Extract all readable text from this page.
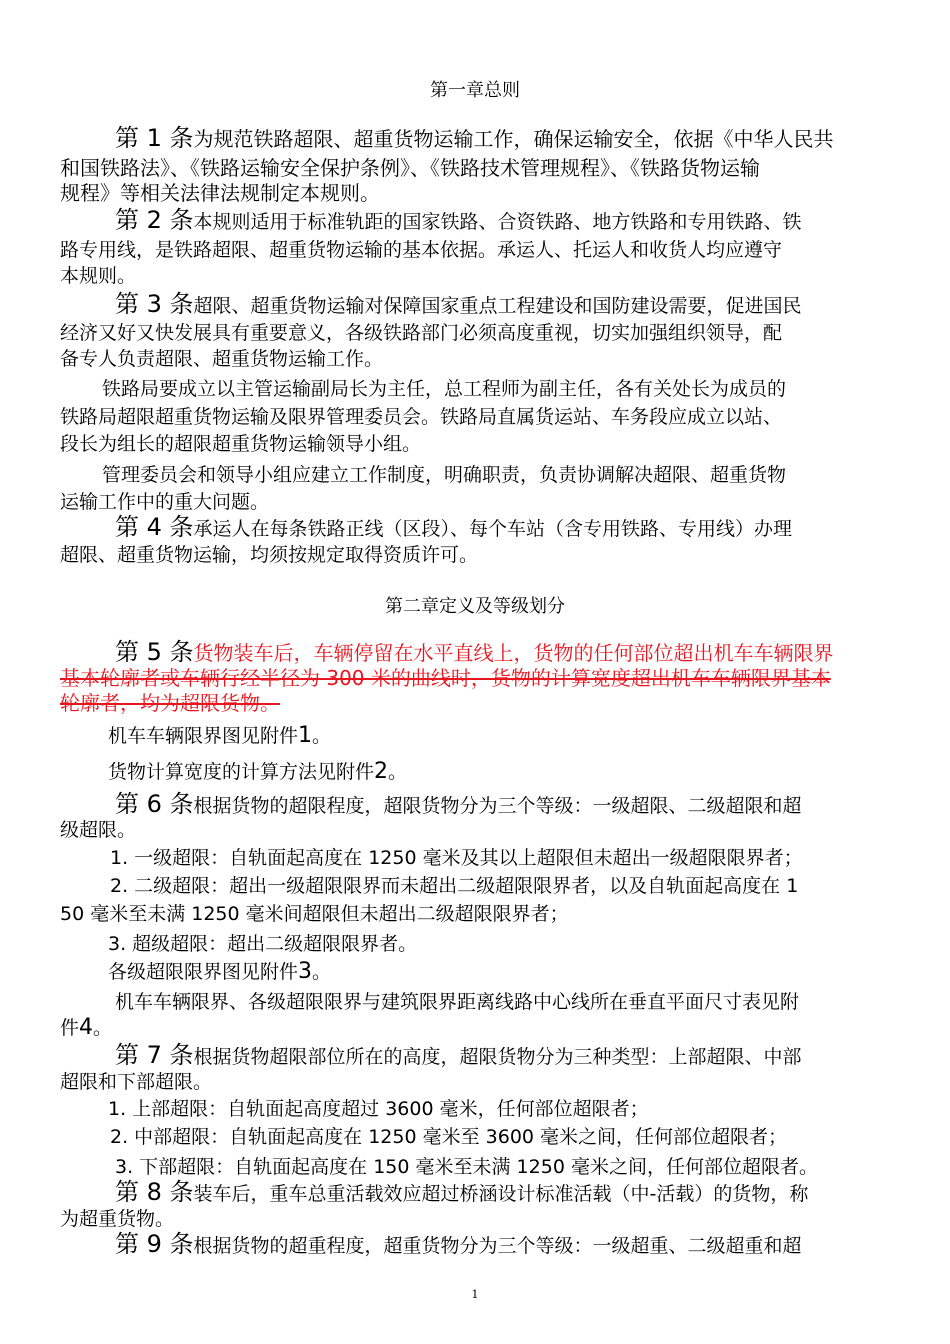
第一章总则
第 1 条为规范铁路超限、超重货物运输工作，确保运输安全，依据《中华人民共
和国铁路法》、《铁路运输安全保护条例》、《铁路技术管理规程》、《铁路货物运输
规程》等相关法律法规制定本规则。
第 2 条本规则适用于标准轨距的国家铁路、合资铁路、地方铁路和专用铁路、铁
路专用线，是铁路超限、超重货物运输的基本依据。承运人、托运人和收货人均应遵守
本规则。
第 3 条超限、超重货物运输对保障国家重点工程建设和国防建设需要，促进国民
经济又好又快发展具有重要意义，各级铁路部门必须高度重视，切实加强组织领导，配
备专人负责超限、超重货物运输工作。
铁路局要成立以主管运输副局长为主任，总工程师为副主任，各有关处长为成员的
铁路局超限超重货物运输及限界管理委员会。铁路局直属货运站、车务段应成立以站、
段长为组长的超限超重货物运输领导小组。
管理委员会和领导小组应建立工作制度，明确职责，负责协调解决超限、超重货物
运输工作中的重大问题。
第 4 条承运人在每条铁路正线（区段）、每个车站（含专用铁路、专用线）办理
超限、超重货物运输，均须按规定取得资质许可。
第二章定义及等级划分
第 5 条货物装车后，车辆停留在水平直线上，货物的任何部位超出机车车辆限界
基本轮廓者或车辆行经半径为 300 米的曲线时，货物的计算宽度超出机车车辆限界基本
轮廓者，均为超限货物。
机车车辆限界图见附件1。
货物计算宽度的计算方法见附件2。
第 6 条根据货物的超限程度，超限货物分为三个等级：一级超限、二级超限和超
级超限。
1. 一级超限：自轨面起高度在 1250 毫米及其以上超限但未超出一级超限限界者；
2. 二级超限：超出一级超限限界而未超出二级超限限界者，以及自轨面起高度在 1
50 毫米至未满 1250 毫米间超限但未超出二级超限限界者；
3. 超级超限：超出二级超限限界者。
各级超限限界图见附件3。
机车车辆限界、各级超限限界与建筑限界距离线路中心线所在垂直平面尺寸表见附
件4。
第 7 条根据货物超限部位所在的高度，超限货物分为三种类型：上部超限、中部
超限和下部超限。
1. 上部超限：自轨面起高度超过 3600 毫米，任何部位超限者；
2. 中部超限：自轨面起高度在 1250 毫米至 3600 毫米之间，任何部位超限者；
3. 下部超限：自轨面起高度在 150 毫米至未满 1250 毫米之间，任何部位超限者。
第 8 条装车后，重车总重活载效应超过桥涵设计标准活载（中-活载）的货物，称
为超重货物。
第 9 条根据货物的超重程度，超重货物分为三个等级：一级超重、二级超重和超
1
